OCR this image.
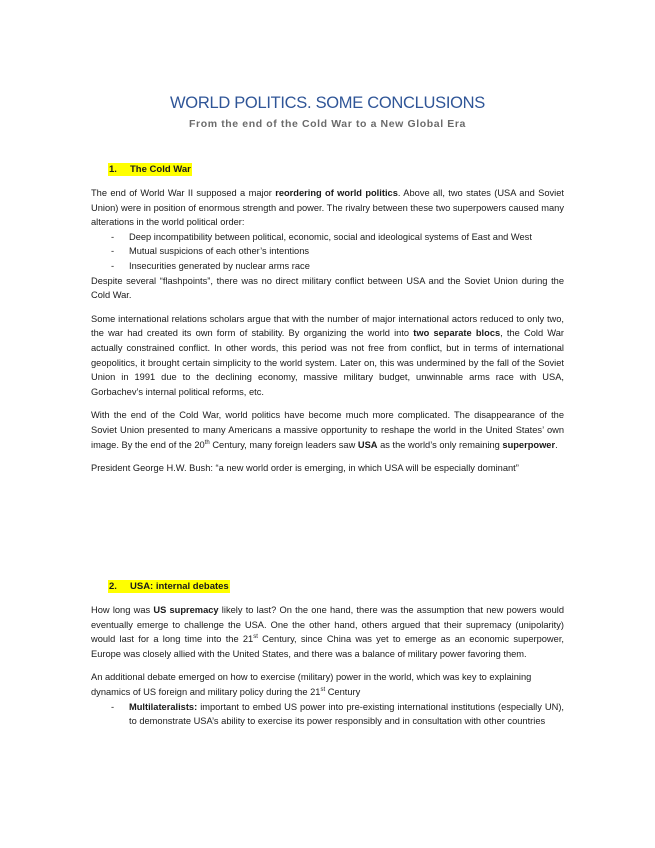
WORLD POLITICS. SOME CONCLUSIONS
From the end of the Cold War to a New Global Era
1. The Cold War

The end of World War II supposed a major reordering of world politics. Above all, two states (USA and Soviet Union) were in position of enormous strength and power. The rivalry between these two superpowers caused many alterations in the world political order:

- Deep incompatibility between political, economic, social and ideological systems of East and West
- Mutual suspicions of each other’s intentions
- Insecurities generated by nuclear arms race

Despite several “flashpoints”, there was no direct military conflict between USA and the Soviet Union during the Cold War.

Some international relations scholars argue that with the number of major international actors reduced to only two, the war had created its own form of stability. By organizing the world into two separate blocs, the Cold War actually constrained conflict. In other words, this period was not free from conflict, but in terms of international geopolitics, it brought certain simplicity to the world system. Later on, this was undermined by the fall of the Soviet Union in 1991 due to the declining economy, massive military budget, unwinnable arms race with USA, Gorbachev’s internal political reforms, etc.

With the end of the Cold War, world politics have become much more complicated. The disappearance of the Soviet Union presented to many Americans a massive opportunity to reshape the world in the United States’ own image. By the end of the 20th Century, many foreign leaders saw USA as the world’s only remaining superpower.

President George H.W. Bush: “a new world order is emerging, in which USA will be especially dominant”

2. USA: internal debates

How long was US supremacy likely to last? On the one hand, there was the assumption that new powers would eventually emerge to challenge the USA. One the other hand, others argued that their supremacy (unipolarity) would last for a long time into the 21st Century, since China was yet to emerge as an economic superpower, Europe was closely allied with the United States, and there was a balance of military power favoring them.

An additional debate emerged on how to exercise (military) power in the world, which was key to explaining dynamics of US foreign and military policy during the 21st Century

- Multilateralists: important to embed US power into pre-existing international institutions (especially UN), to demonstrate USA’s ability to exercise its power responsibly and in consultation with other countries
